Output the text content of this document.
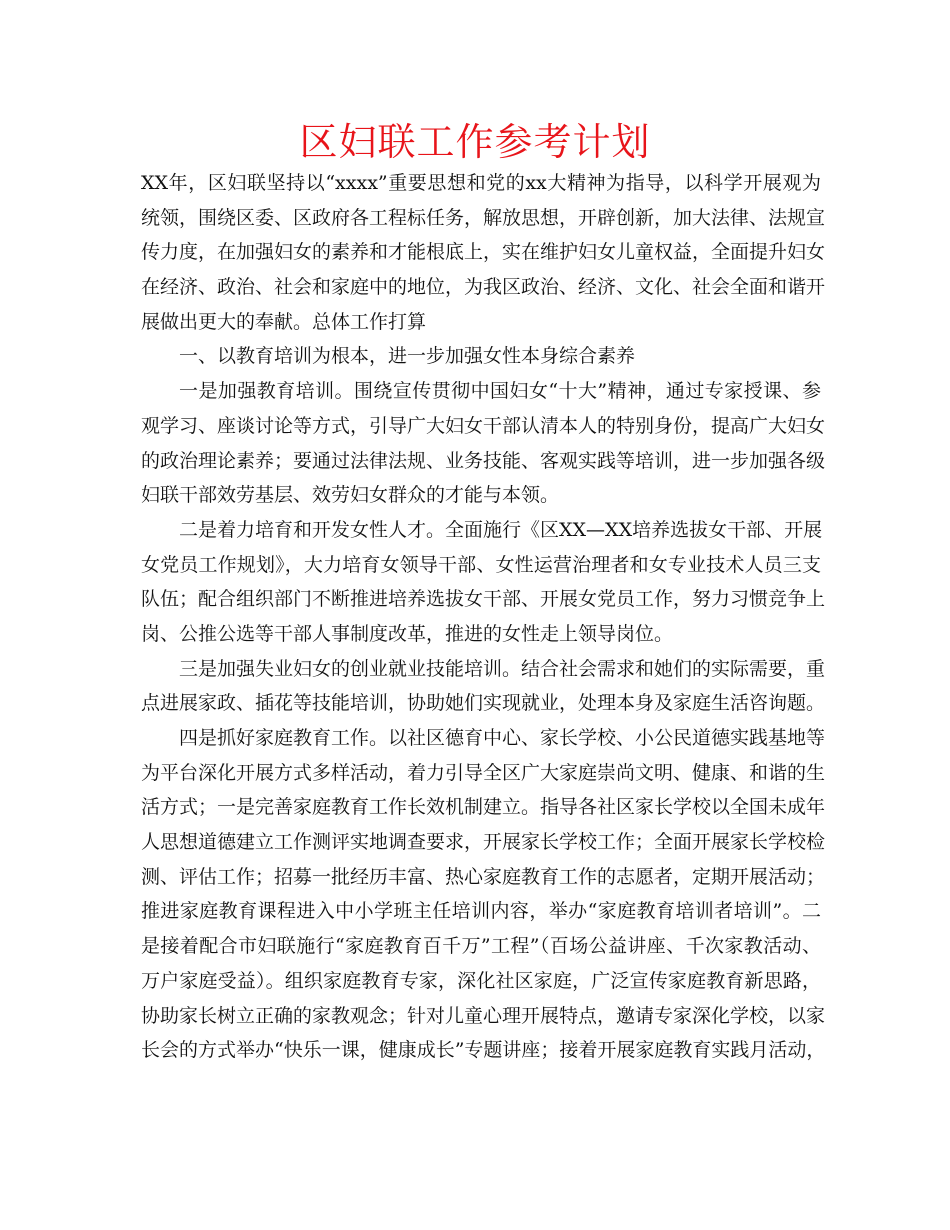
区妇联工作参考计划
XX年，区妇联坚持以“xxxx”重要思想和党的xx大精神为指导，以科学开展观为
统领，围绕区委、区政府各工程标任务，解放思想，开辟创新，加大法律、法规宣
传力度，在加强妇女的素养和才能根底上，实在维护妇女儿童权益，全面提升妇女
在经济、政治、社会和家庭中的地位，为我区政治、经济、文化、社会全面和谐开
展做出更大的奉献。总体工作打算
一、以教育培训为根本，进一步加强女性本身综合素养
一是加强教育培训。围绕宣传贯彻中国妇女“十大”精神，通过专家授课、参
观学习、座谈讨论等方式，引导广大妇女干部认清本人的特别身份，提高广大妇女
的政治理论素养；要通过法律法规、业务技能、客观实践等培训，进一步加强各级
妇联干部效劳基层、效劳妇女群众的才能与本领。
二是着力培育和开发女性人才。全面施行《区XX—XX培养选拔女干部、开展
女党员工作规划》，大力培育女领导干部、女性运营治理者和女专业技术人员三支
队伍；配合组织部门不断推进培养选拔女干部、开展女党员工作，努力习惯竞争上
岗、公推公选等干部人事制度改革，推进的女性走上领导岗位。
三是加强失业妇女的创业就业技能培训。结合社会需求和她们的实际需要，重
点进展家政、插花等技能培训，协助她们实现就业，处理本身及家庭生活咨询题。
四是抓好家庭教育工作。以社区德育中心、家长学校、小公民道德实践基地等
为平台深化开展方式多样活动，着力引导全区广大家庭崇尚文明、健康、和谐的生
活方式；一是完善家庭教育工作长效机制建立。指导各社区家长学校以全国未成年
人思想道德建立工作测评实地调查要求，开展家长学校工作；全面开展家长学校检
测、评估工作；招募一批经历丰富、热心家庭教育工作的志愿者，定期开展活动；
推进家庭教育课程进入中小学班主任培训内容，举办“家庭教育培训者培训”。二
是接着配合市妇联施行“家庭教育百千万”工程”（百场公益讲座、千次家教活动、
万户家庭受益）。组织家庭教育专家，深化社区家庭，广泛宣传家庭教育新思路，
协助家长树立正确的家教观念；针对儿童心理开展特点，邀请专家深化学校，以家
长会的方式举办“快乐一课，健康成长”专题讲座；接着开展家庭教育实践月活动，
